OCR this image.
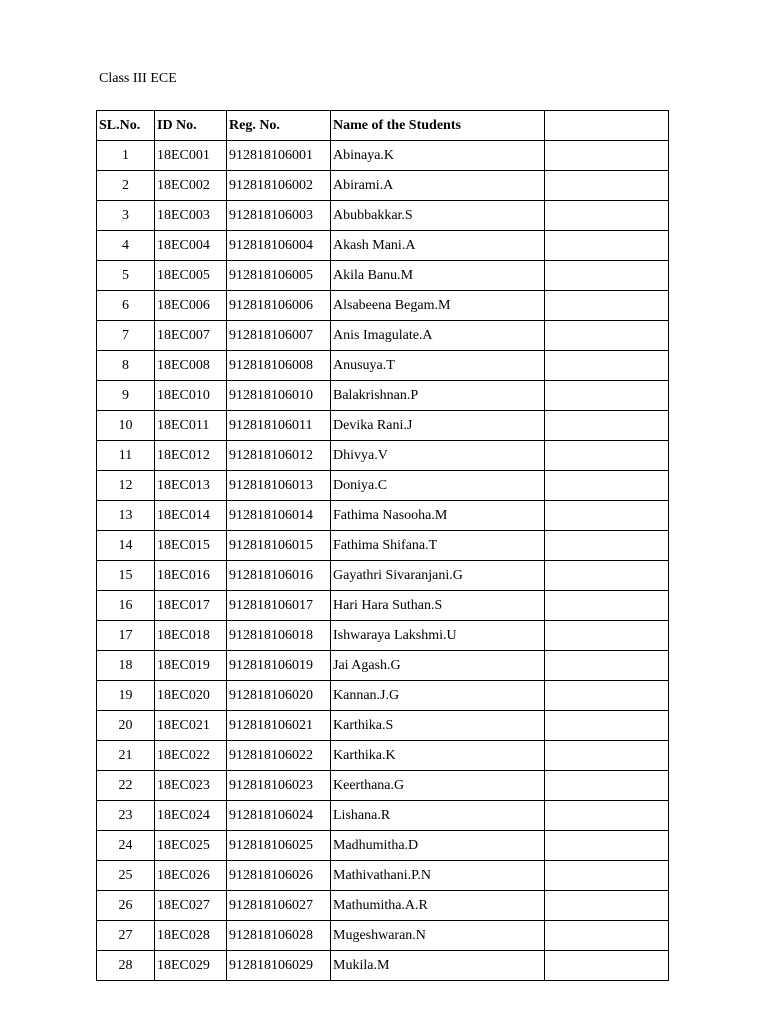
Class III ECE
SL.No.	ID No.	Reg. No.	Name of the Students	
1	18EC001	912818106001	Abinaya.K	
2	18EC002	912818106002	Abirami.A	
3	18EC003	912818106003	Abubbakkar.S	
4	18EC004	912818106004	Akash Mani.A	
5	18EC005	912818106005	Akila Banu.M	
6	18EC006	912818106006	Alsabeena Begam.M	
7	18EC007	912818106007	Anis Imagulate.A	
8	18EC008	912818106008	Anusuya.T	
9	18EC010	912818106010	Balakrishnan.P	
10	18EC011	912818106011	Devika Rani.J	
11	18EC012	912818106012	Dhivya.V	
12	18EC013	912818106013	Doniya.C	
13	18EC014	912818106014	Fathima Nasooha.M	
14	18EC015	912818106015	Fathima Shifana.T	
15	18EC016	912818106016	Gayathri Sivaranjani.G	
16	18EC017	912818106017	Hari Hara Suthan.S	
17	18EC018	912818106018	Ishwaraya Lakshmi.U	
18	18EC019	912818106019	Jai Agash.G	
19	18EC020	912818106020	Kannan.J.G	
20	18EC021	912818106021	Karthika.S	
21	18EC022	912818106022	Karthika.K	
22	18EC023	912818106023	Keerthana.G	
23	18EC024	912818106024	Lishana.R	
24	18EC025	912818106025	Madhumitha.D	
25	18EC026	912818106026	Mathivathani.P.N	
26	18EC027	912818106027	Mathumitha.A.R	
27	18EC028	912818106028	Mugeshwaran.N	
28	18EC029	912818106029	Mukila.M	
